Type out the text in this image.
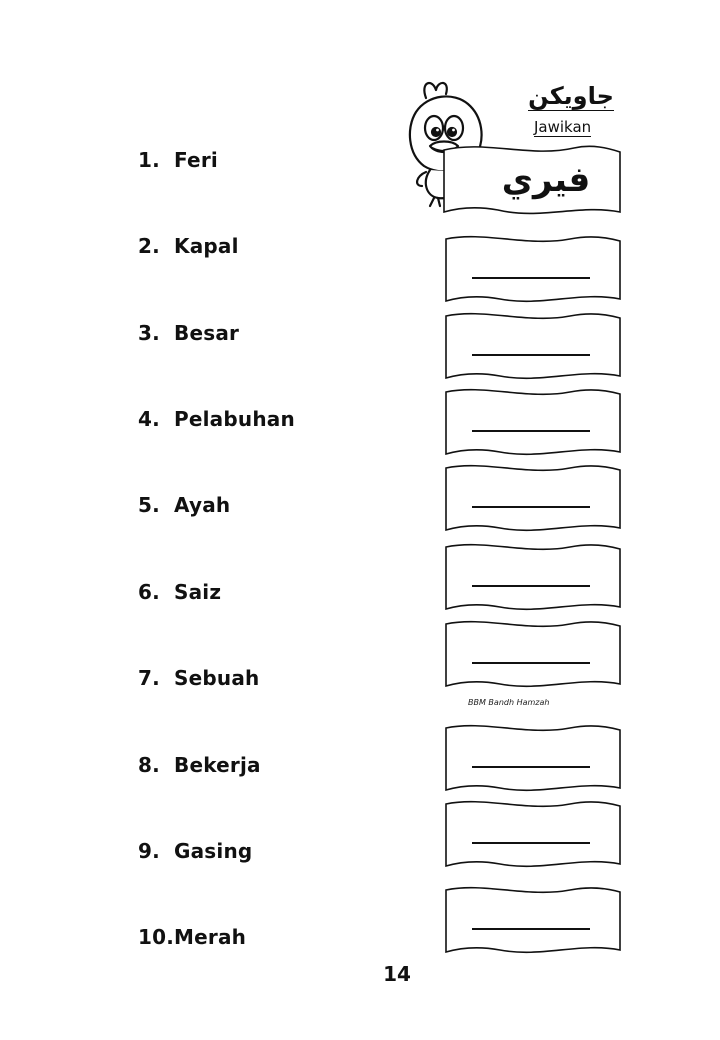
جاويكن
Jawikan
فيري
1. Feri
2. Kapal
3. Besar
4. Pelabuhan
5. Ayah
6. Saiz
7. Sebuah
8. Bekerja
9. Gasing
10. Merah
BBM Bandh Hamzah
14
